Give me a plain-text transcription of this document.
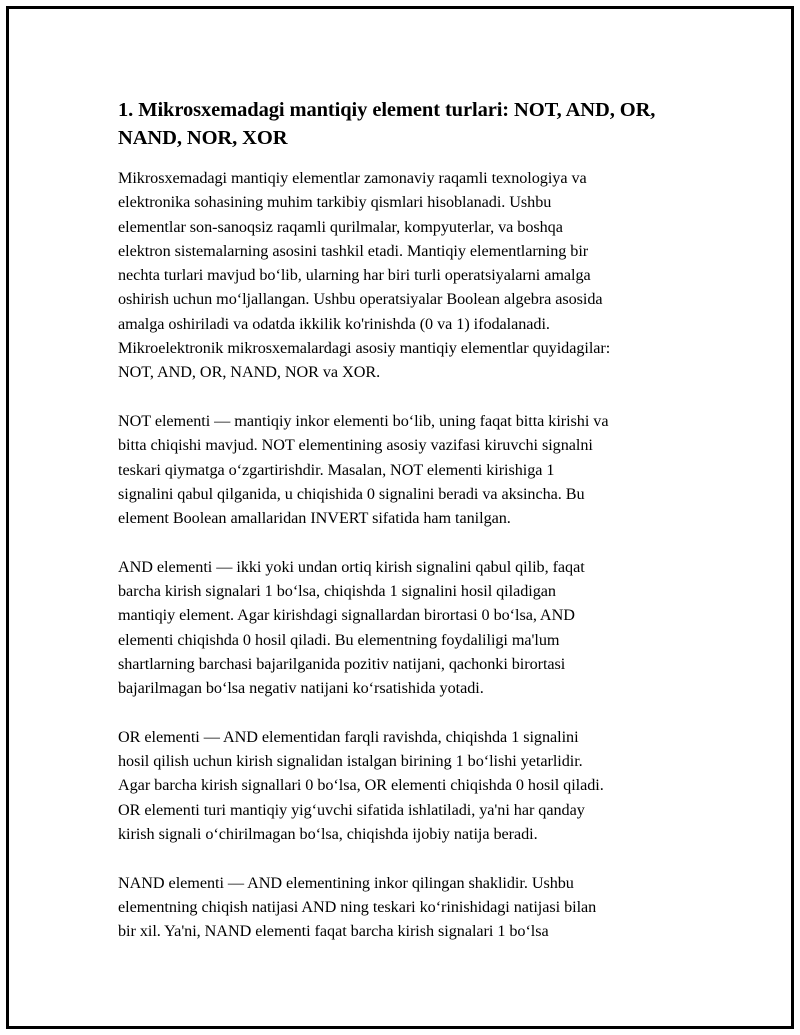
1. Mikrosxemadagi mantiqiy element turlari: NOT, AND, OR,
NAND, NOR, XOR

Mikrosxemadagi mantiqiy elementlar zamonaviy raqamli texnologiya va
elektronika sohasining muhim tarkibiy qismlari hisoblanadi. Ushbu
elementlar son-sanoqsiz raqamli qurilmalar, kompyuterlar, va boshqa
elektron sistemalarning asosini tashkil etadi. Mantiqiy elementlarning bir
nechta turlari mavjud bo‘lib, ularning har biri turli operatsiyalarni amalga
oshirish uchun mo‘ljallangan. Ushbu operatsiyalar Boolean algebra asosida
amalga oshiriladi va odatda ikkilik ko'rinishda (0 va 1) ifodalanadi.
Mikroelektronik mikrosxemalardagi asosiy mantiqiy elementlar quyidagilar:
NOT, AND, OR, NAND, NOR va XOR.

NOT elementi — mantiqiy inkor elementi bo‘lib, uning faqat bitta kirishi va
bitta chiqishi mavjud. NOT elementining asosiy vazifasi kiruvchi signalni
teskari qiymatga o‘zgartirishdir. Masalan, NOT elementi kirishiga 1
signalini qabul qilganida, u chiqishida 0 signalini beradi va aksincha. Bu
element Boolean amallaridan INVERT sifatida ham tanilgan.

AND elementi — ikki yoki undan ortiq kirish signalini qabul qilib, faqat
barcha kirish signalari 1 bo‘lsa, chiqishda 1 signalini hosil qiladigan
mantiqiy element. Agar kirishdagi signallardan birortasi 0 bo‘lsa, AND
elementi chiqishda 0 hosil qiladi. Bu elementning foydaliligi ma'lum
shartlarning barchasi bajarilganida pozitiv natijani, qachonki birortasi
bajarilmagan bo‘lsa negativ natijani ko‘rsatishida yotadi.

OR elementi — AND elementidan farqli ravishda, chiqishda 1 signalini
hosil qilish uchun kirish signalidan istalgan birining 1 bo‘lishi yetarlidir.
Agar barcha kirish signallari 0 bo‘lsa, OR elementi chiqishda 0 hosil qiladi.
OR elementi turi mantiqiy yig‘uvchi sifatida ishlatiladi, ya'ni har qanday
kirish signali o‘chirilmagan bo‘lsa, chiqishda ijobiy natija beradi.

NAND elementi — AND elementining inkor qilingan shaklidir. Ushbu
elementning chiqish natijasi AND ning teskari ko‘rinishidagi natijasi bilan
bir xil. Ya'ni, NAND elementi faqat barcha kirish signalari 1 bo‘lsa
